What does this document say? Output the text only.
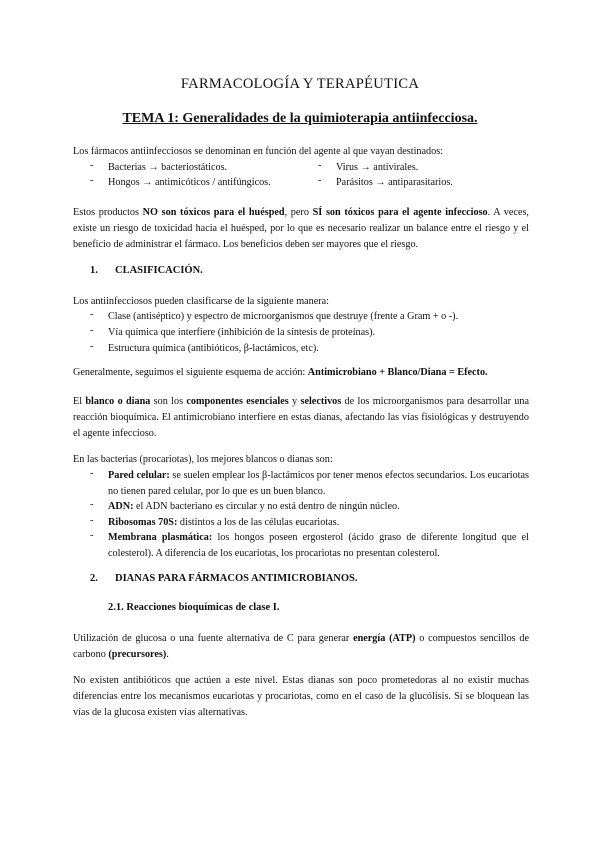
FARMACOLOGÍA Y TERAPÉUTICA
TEMA 1: Generalidades de la quimioterapia antiinfecciosa.
Los fármacos antiinfecciosos se denominan en función del agente al que vayan destinados:
- Bacterias → bacteriostáticos.	- Virus → antivirales.
- Hongos → antimicóticos / antifúngicos.	- Parásitos → antiparasitarios.
Estos productos NO son tóxicos para el huésped, pero SÍ son tóxicos para el agente infeccioso. A veces, existe un riesgo de toxicidad hacia el huésped, por lo que es necesario realizar un balance entre el riesgo y el beneficio de administrar el fármaco. Los beneficios deben ser mayores que el riesgo.
1. CLASIFICACIÓN.
Los antiinfecciosos pueden clasificarse de la siguiente manera:
- Clase (antiséptico) y espectro de microorganismos que destruye (frente a Gram + o -).
- Vía química que interfiere (inhibición de la síntesis de proteínas).
- Estructura química (antibióticos, β-lactámicos, etc).
Generalmente, seguimos el siguiente esquema de acción: Antimicrobiano + Blanco/Diana = Efecto.
El blanco o diana son los componentes esenciales y selectivos de los microorganismos para desarrollar una reacción bioquímica. El antimicrobiano interfiere en estas dianas, afectando las vías fisiológicas y destruyendo el agente infeccioso.
En las bacterias (procariotas), los mejores blancos o dianas son:
- Pared celular: se suelen emplear los β-lactámicos por tener menos efectos secundarios. Los eucariotas no tienen pared celular, por lo que es un buen blanco.
- ADN: el ADN bacteriano es circular y no está dentro de ningún núcleo.
- Ribosomas 70S: distintos a los de las células eucariotas.
- Membrana plasmática: los hongos poseen ergosterol (ácido graso de diferente longitud que el colesterol). A diferencia de los eucariotas, los procariotas no presentan colesterol.
2. DIANAS PARA FÁRMACOS ANTIMICROBIANOS.
2.1. Reacciones bioquímicas de clase I.
Utilización de glucosa o una fuente alternativa de C para generar energía (ATP) o compuestos sencillos de carbono (precursores).
No existen antibióticos que actúen a este nivel. Estas dianas son poco prometedoras al no existir muchas diferencias entre los mecanismos eucariotas y procariotas, como en el caso de la glucólisis. Si se bloquean las vías de la glucosa existen vías alternativas.
